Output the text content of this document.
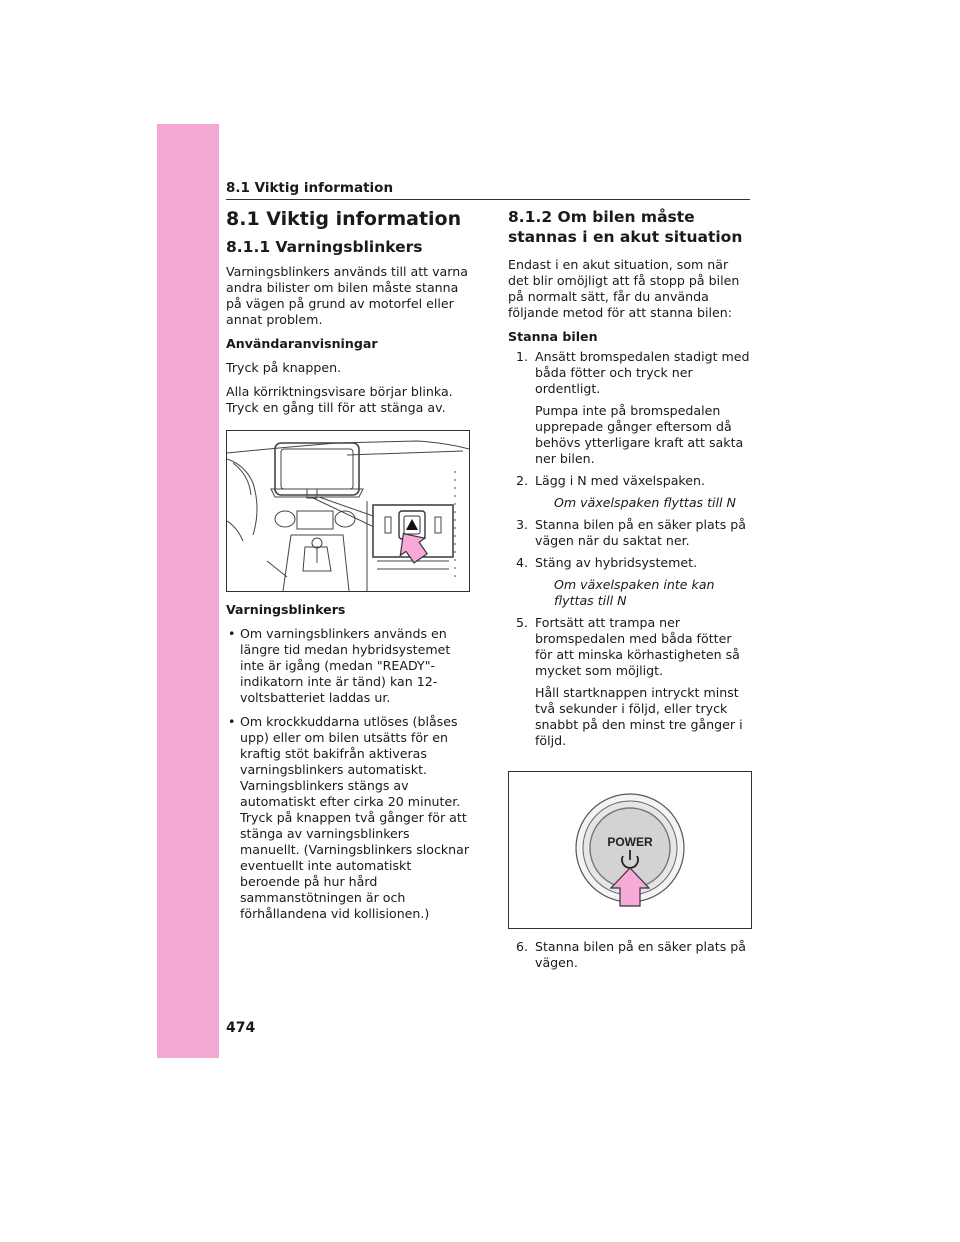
8.1 Viktig information
8.1 Viktig information
8.1.1 Varningsblinkers

Varningsblinkers används till att varna andra bilister om bilen måste stanna på vägen på grund av motorfel eller annat problem.

Användaranvisningar

Tryck på knappen.

Alla körriktningsvisare börjar blinka. Tryck en gång till för att stänga av.

Varningsblinkers

• Om varningsblinkers används en längre tid medan hybridsystemet inte är igång (medan "READY"-indikatorn inte är tänd) kan 12-voltsbatteriet laddas ur.
• Om krockkuddarna utlöses (blåses upp) eller om bilen utsätts för en kraftig stöt bakifrån aktiveras varningsblinkers automatiskt. Varningsblinkers stängs av automatiskt efter cirka 20 minuter. Tryck på knappen två gånger för att stänga av varningsblinkers manuellt. (Varningsblinkers slocknar eventuellt inte automatiskt beroende på hur hård sammanstötningen är och förhållandena vid kollisionen.)
8.1.2 Om bilen måste stannas i en akut situation

Endast i en akut situation, som när det blir omöjligt att få stopp på bilen på normalt sätt, får du använda följande metod för att stanna bilen:

Stanna bilen

1. Ansätt bromspedalen stadigt med båda fötter och tryck ner ordentligt.
Pumpa inte på bromspedalen upprepade gånger eftersom då behövs ytterligare kraft att sakta ner bilen.
2. Lägg i N med växelspaken.
Om växelspaken flyttas till N
3. Stanna bilen på en säker plats på vägen när du saktat ner.
4. Stäng av hybridsystemet.
Om växelspaken inte kan flyttas till N
5. Fortsätt att trampa ner bromspedalen med båda fötter för att minska körhastigheten så mycket som möjligt.
Håll startknappen intryckt minst två sekunder i följd, eller tryck snabbt på den minst tre gånger i följd.
POWER
6. Stanna bilen på en säker plats på vägen.
474
